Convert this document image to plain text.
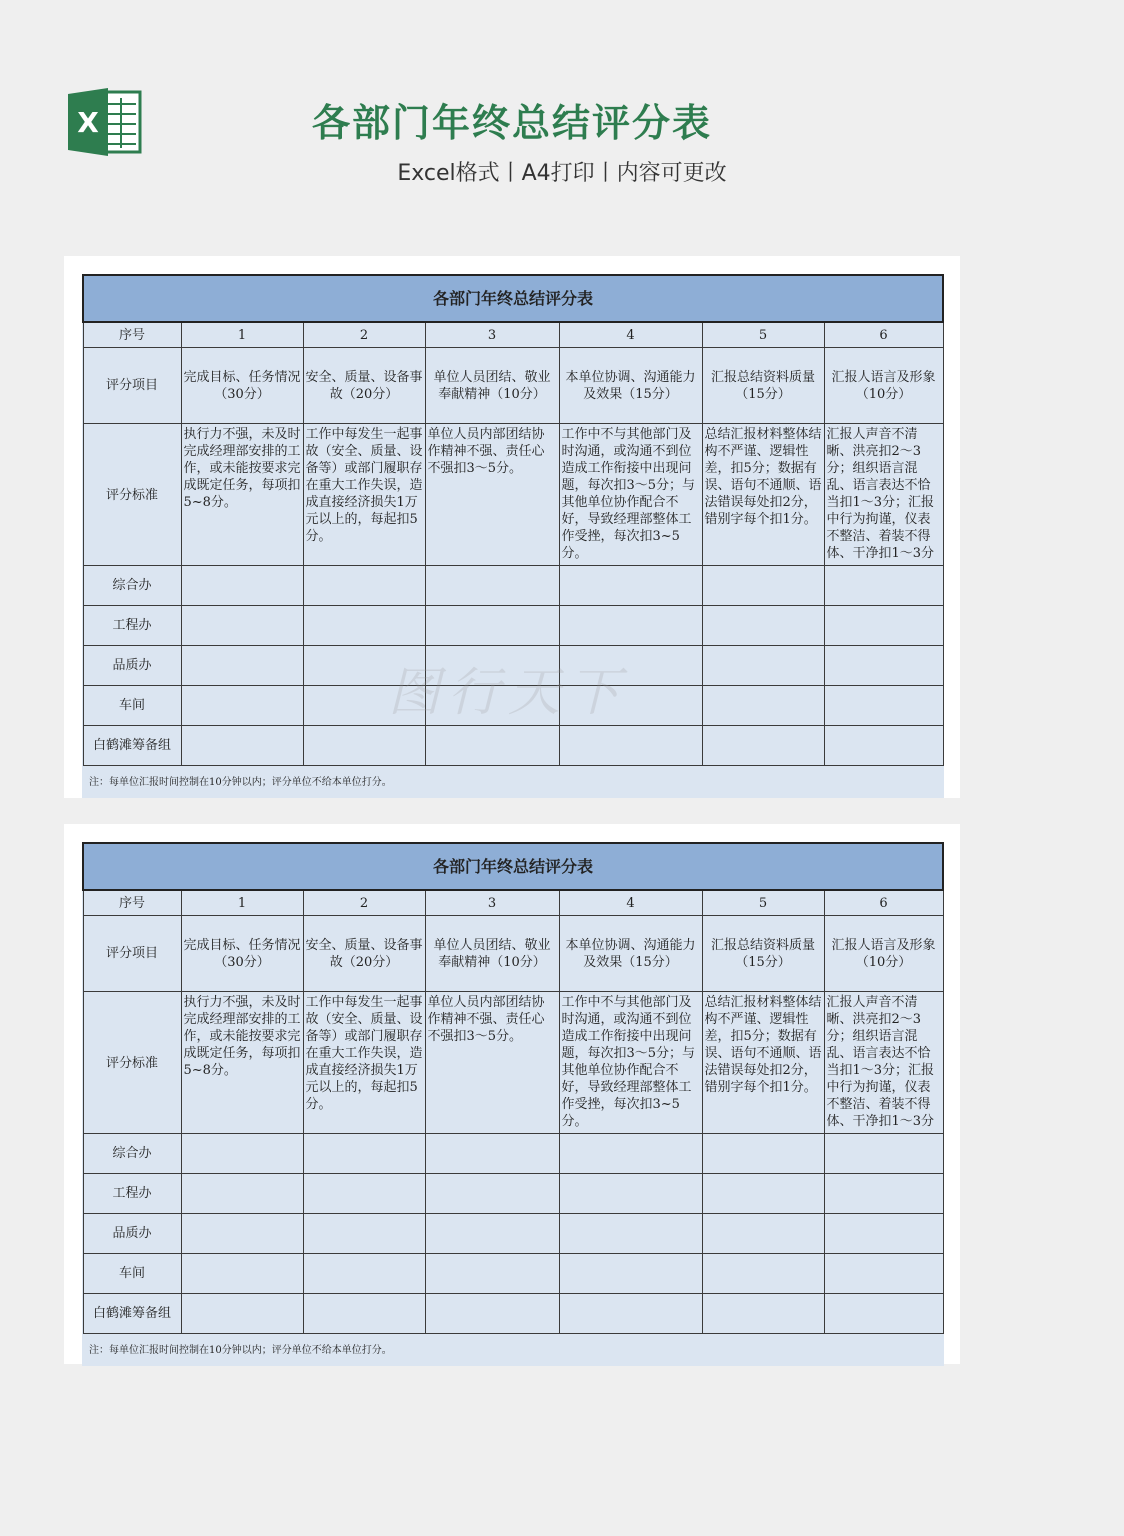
X	各部门年终总结评分表
Excel格式丨A4打印丨内容可更改
各部门年终总结评分表						
序号	1	2	3	4	5	6
评分项目	完成目标、任务情况（30分）	安全、质量、设备事故（20分）	单位人员团结、敬业奉献精神（10分）	本单位协调、沟通能力及效果（15分）	汇报总结资料质量（15分）	汇报人语言及形象（10分）
评分标准	执行力不强，未及时完成经理部安排的工作，或未能按要求完成既定任务，每项扣5~8分。	工作中每发生一起事故（安全、质量、设备等）或部门履职存在重大工作失误，造成直接经济损失1万元以上的，每起扣5分。	单位人员内部团结协作精神不强、责任心不强扣3～5分。	工作中不与其他部门及时沟通，或沟通不到位造成工作衔接中出现问题，每次扣3～5分；与其他单位协作配合不好，导致经理部整体工作受挫，每次扣3~5分。	总结汇报材料整体结构不严谨、逻辑性差，扣5分；数据有误、语句不通顺、语法错误每处扣2分，错别字每个扣1分。	汇报人声音不清晰、洪亮扣2～3分；组织语言混乱、语言表达不恰当扣1～3分；汇报中行为拘谨，仪表不整洁、着装不得体、干净扣1～3分
综合办						
工程办						
品质办						
车间						
白鹤滩筹备组						
注：每单位汇报时间控制在10分钟以内；评分单位不给本单位打分。						
各部门年终总结评分表						
序号	1	2	3	4	5	6
评分项目	完成目标、任务情况（30分）	安全、质量、设备事故（20分）	单位人员团结、敬业奉献精神（10分）	本单位协调、沟通能力及效果（15分）	汇报总结资料质量（15分）	汇报人语言及形象（10分）
评分标准	执行力不强，未及时完成经理部安排的工作，或未能按要求完成既定任务，每项扣5~8分。	工作中每发生一起事故（安全、质量、设备等）或部门履职存在重大工作失误，造成直接经济损失1万元以上的，每起扣5分。	单位人员内部团结协作精神不强、责任心不强扣3～5分。	工作中不与其他部门及时沟通，或沟通不到位造成工作衔接中出现问题，每次扣3～5分；与其他单位协作配合不好，导致经理部整体工作受挫，每次扣3~5分。	总结汇报材料整体结构不严谨、逻辑性差，扣5分；数据有误、语句不通顺、语法错误每处扣2分，错别字每个扣1分。	汇报人声音不清晰、洪亮扣2～3分；组织语言混乱、语言表达不恰当扣1～3分；汇报中行为拘谨，仪表不整洁、着装不得体、干净扣1～3分
综合办						
工程办						
品质办						
车间						
白鹤滩筹备组						
注：每单位汇报时间控制在10分钟以内；评分单位不给本单位打分。						
图行天下
